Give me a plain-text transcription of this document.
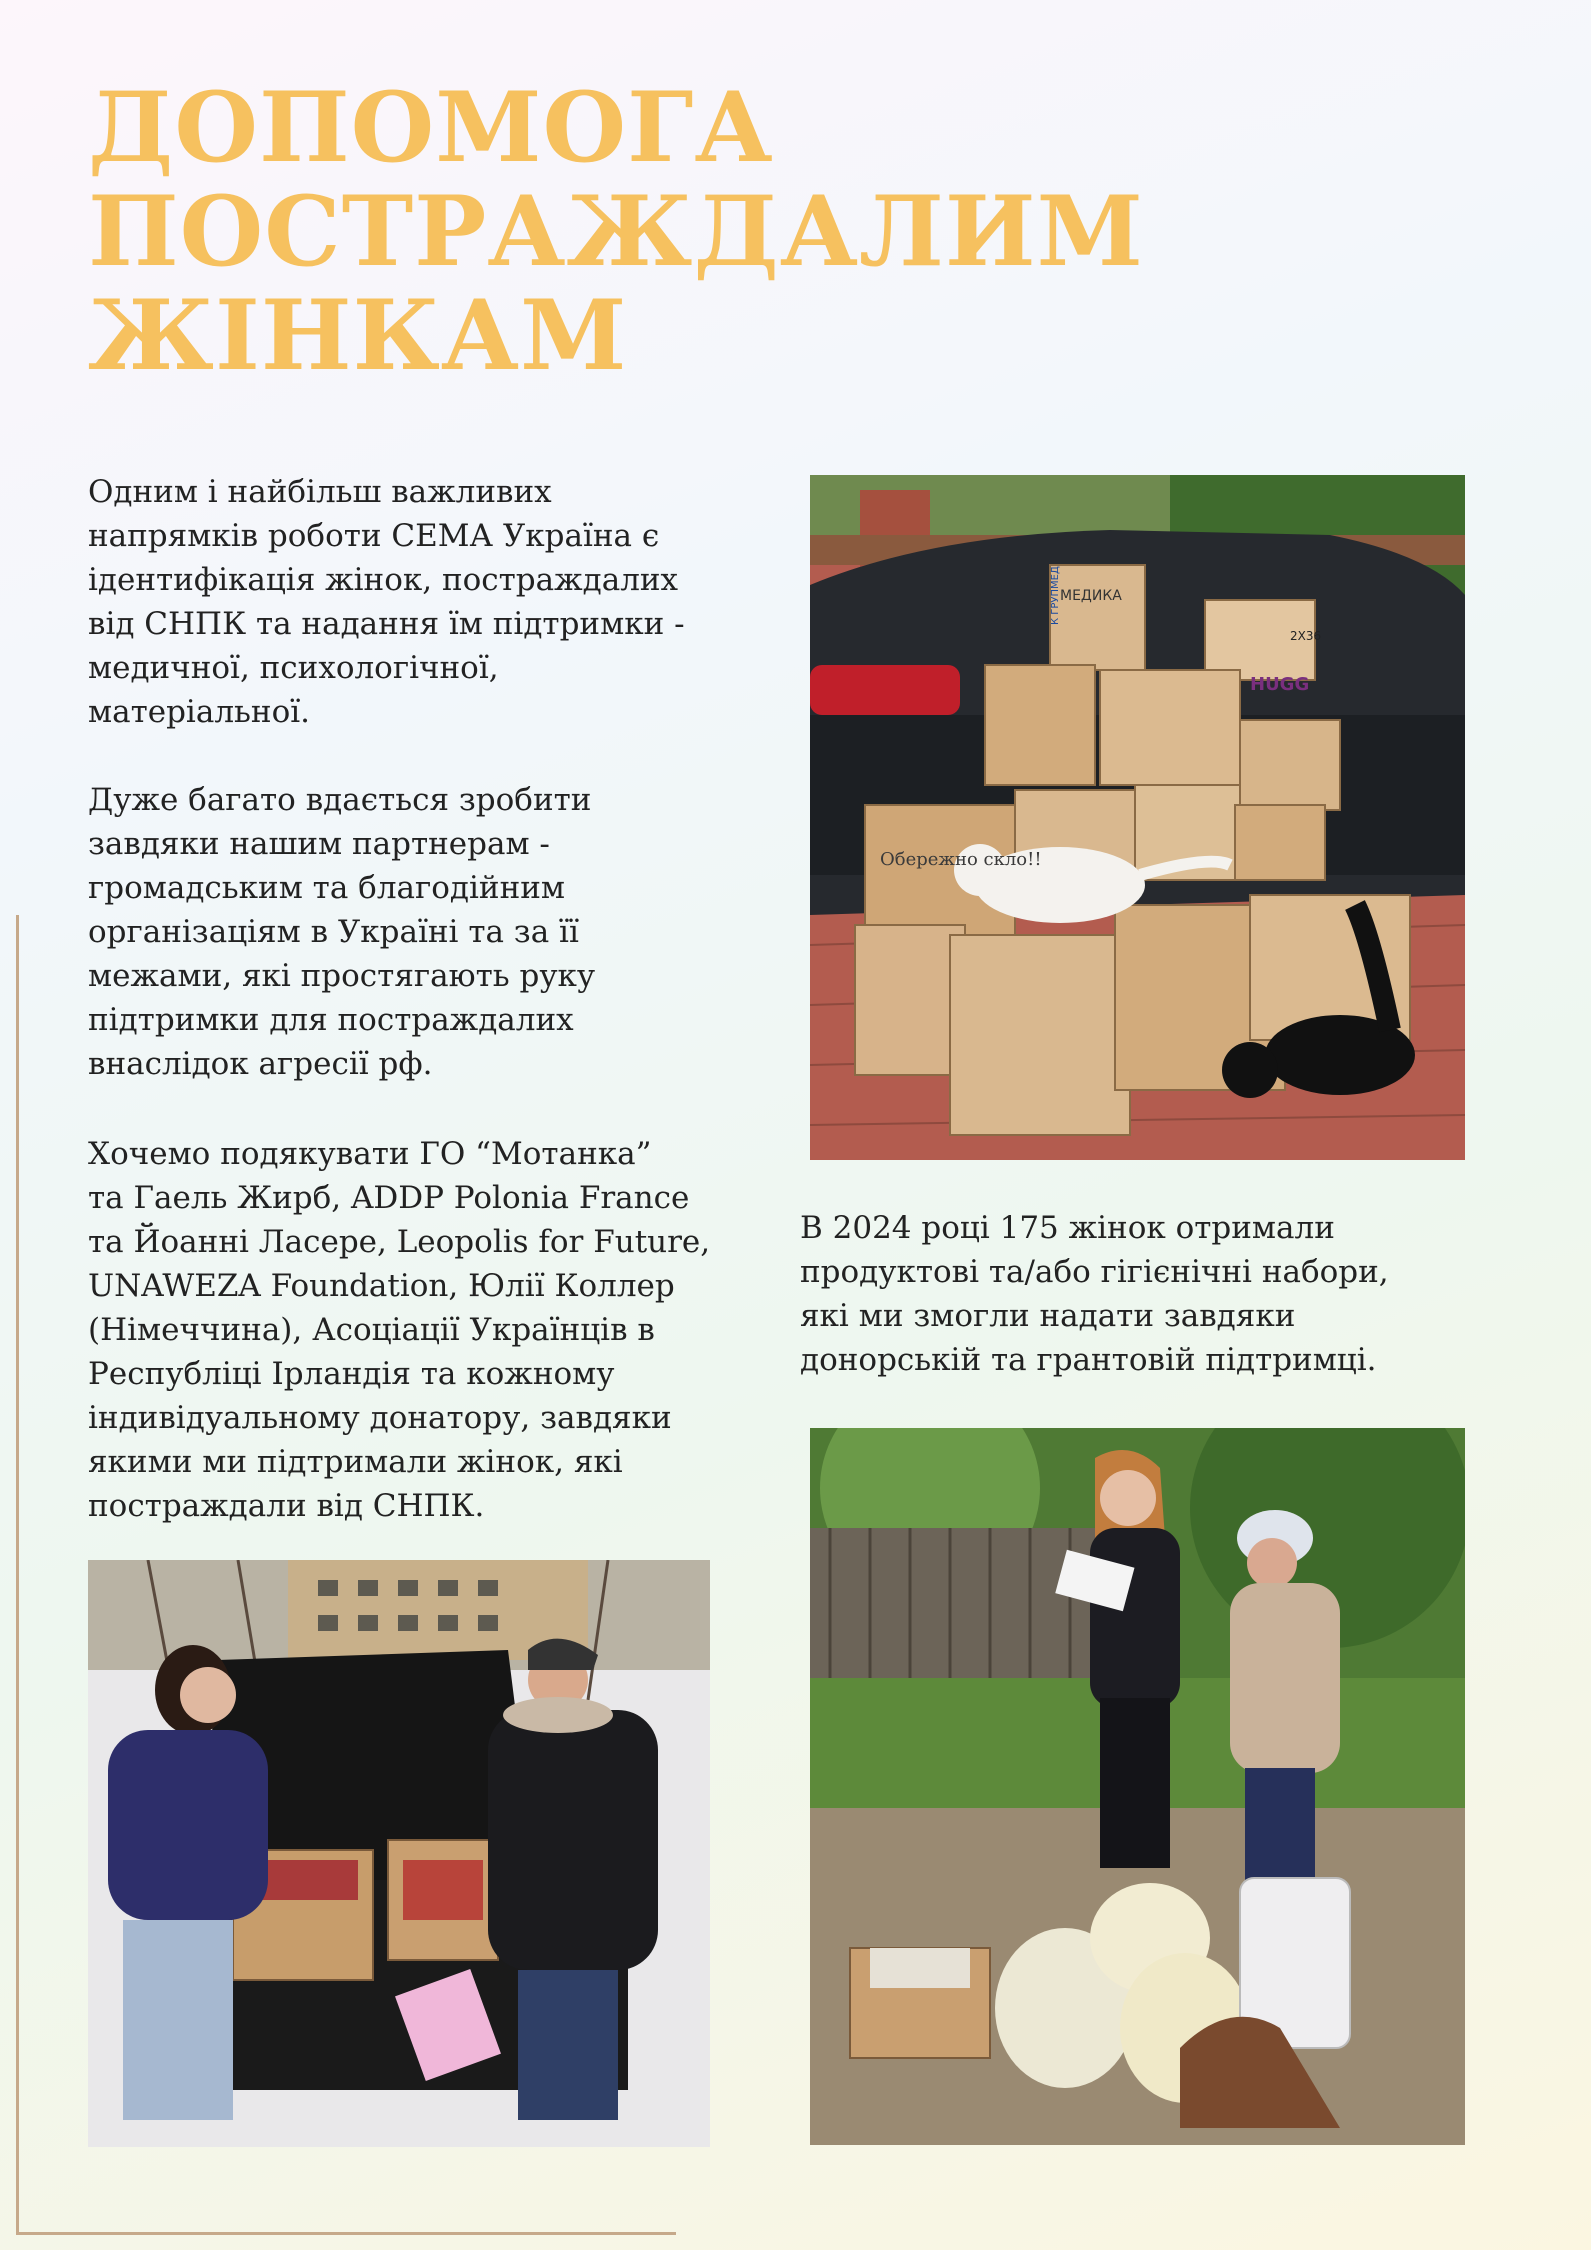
ДОПОМОГА
ПОСТРАЖДАЛИМ
ЖІНКАМ

Одним і найбільш важливих
напрямків роботи СЕМА Україна є
ідентифікація жінок, постраждалих
від СНПК та надання їм підтримки -
медичної, психологічної,
матеріальної.

Дуже багато вдається зробити
завдяки нашим партнерам -
громадським та благодійним
організаціям в Україні та за її
межами, які простягають руку
підтримки для постраждалих
внаслідок агресії рф.

Хочемо подякувати ГО “Мотанка”
та Гаель Жирб, ADDP Polonia France
та Йоанні Ласере, Leopolis for Future,
UNAWEZA Foundation, Юлії Коллер
(Німеччина), Асоціації Українців в
Республіці Ірландія та кожному
індивідуальному донатору, завдяки
якими ми підтримали жінок, які
постраждали від СНПК.

В 2024 році 175 жінок отримали
продуктові та/або гігієнічні набори,
які ми змогли надати завдяки
донорській та грантовій підтримці.

МЕДИКА
К ГРУПМЕД
2X36
HUGG
Обережно скло!!
